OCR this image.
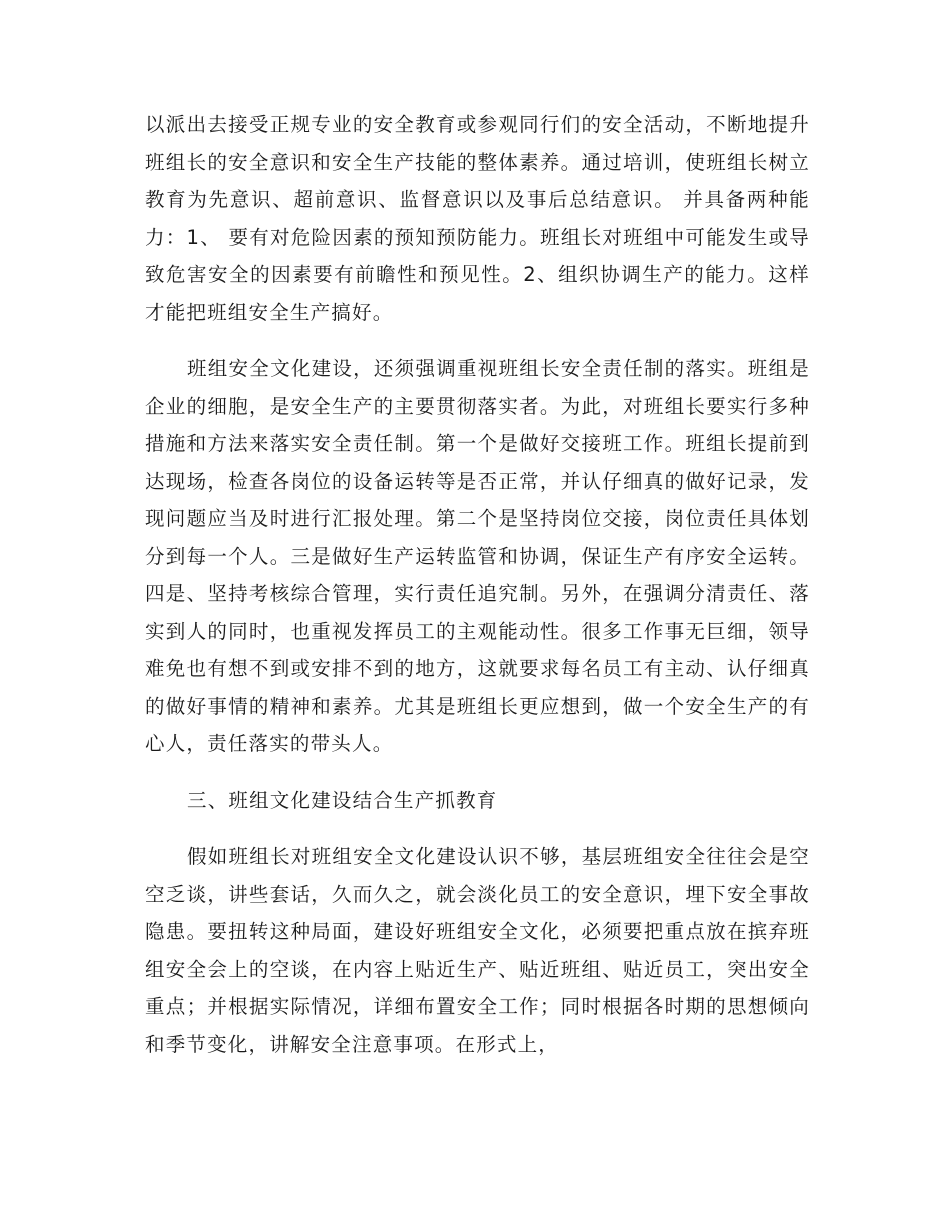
以派出去接受正规专业的安全教育或参观同行们的安全活动，不断地提升班组长的安全意识和安全生产技能的整体素养。通过培训，使班组长树立教育为先意识、超前意识、监督意识以及事后总结意识。 并具备两种能力：1、 要有对危险因素的预知预防能力。班组长对班组中可能发生或导致危害安全的因素要有前瞻性和预见性。2、组织协调生产的能力。这样才能把班组安全生产搞好。

班组安全文化建设，还须强调重视班组长安全责任制的落实。班组是企业的细胞，是安全生产的主要贯彻落实者。为此，对班组长要实行多种措施和方法来落实安全责任制。第一个是做好交接班工作。班组长提前到达现场，检查各岗位的设备运转等是否正常，并认仔细真的做好记录，发现问题应当及时进行汇报处理。第二个是坚持岗位交接，岗位责任具体划分到每一个人。三是做好生产运转监管和协调，保证生产有序安全运转。四是、坚持考核综合管理，实行责任追究制。另外，在强调分清责任、落实到人的同时，也重视发挥员工的主观能动性。很多工作事无巨细，领导难免也有想不到或安排不到的地方，这就要求每名员工有主动、认仔细真的做好事情的精神和素养。尤其是班组长更应想到，做一个安全生产的有心人，责任落实的带头人。

三、班组文化建设结合生产抓教育

假如班组长对班组安全文化建设认识不够，基层班组安全往往会是空空乏谈，讲些套话，久而久之，就会淡化员工的安全意识，埋下安全事故隐患。要扭转这种局面，建设好班组安全文化，必须要把重点放在摈弃班组安全会上的空谈，在内容上贴近生产、贴近班组、贴近员工，突出安全重点；并根据实际情况，详细布置安全工作；同时根据各时期的思想倾向和季节变化，讲解安全注意事项。在形式上，
